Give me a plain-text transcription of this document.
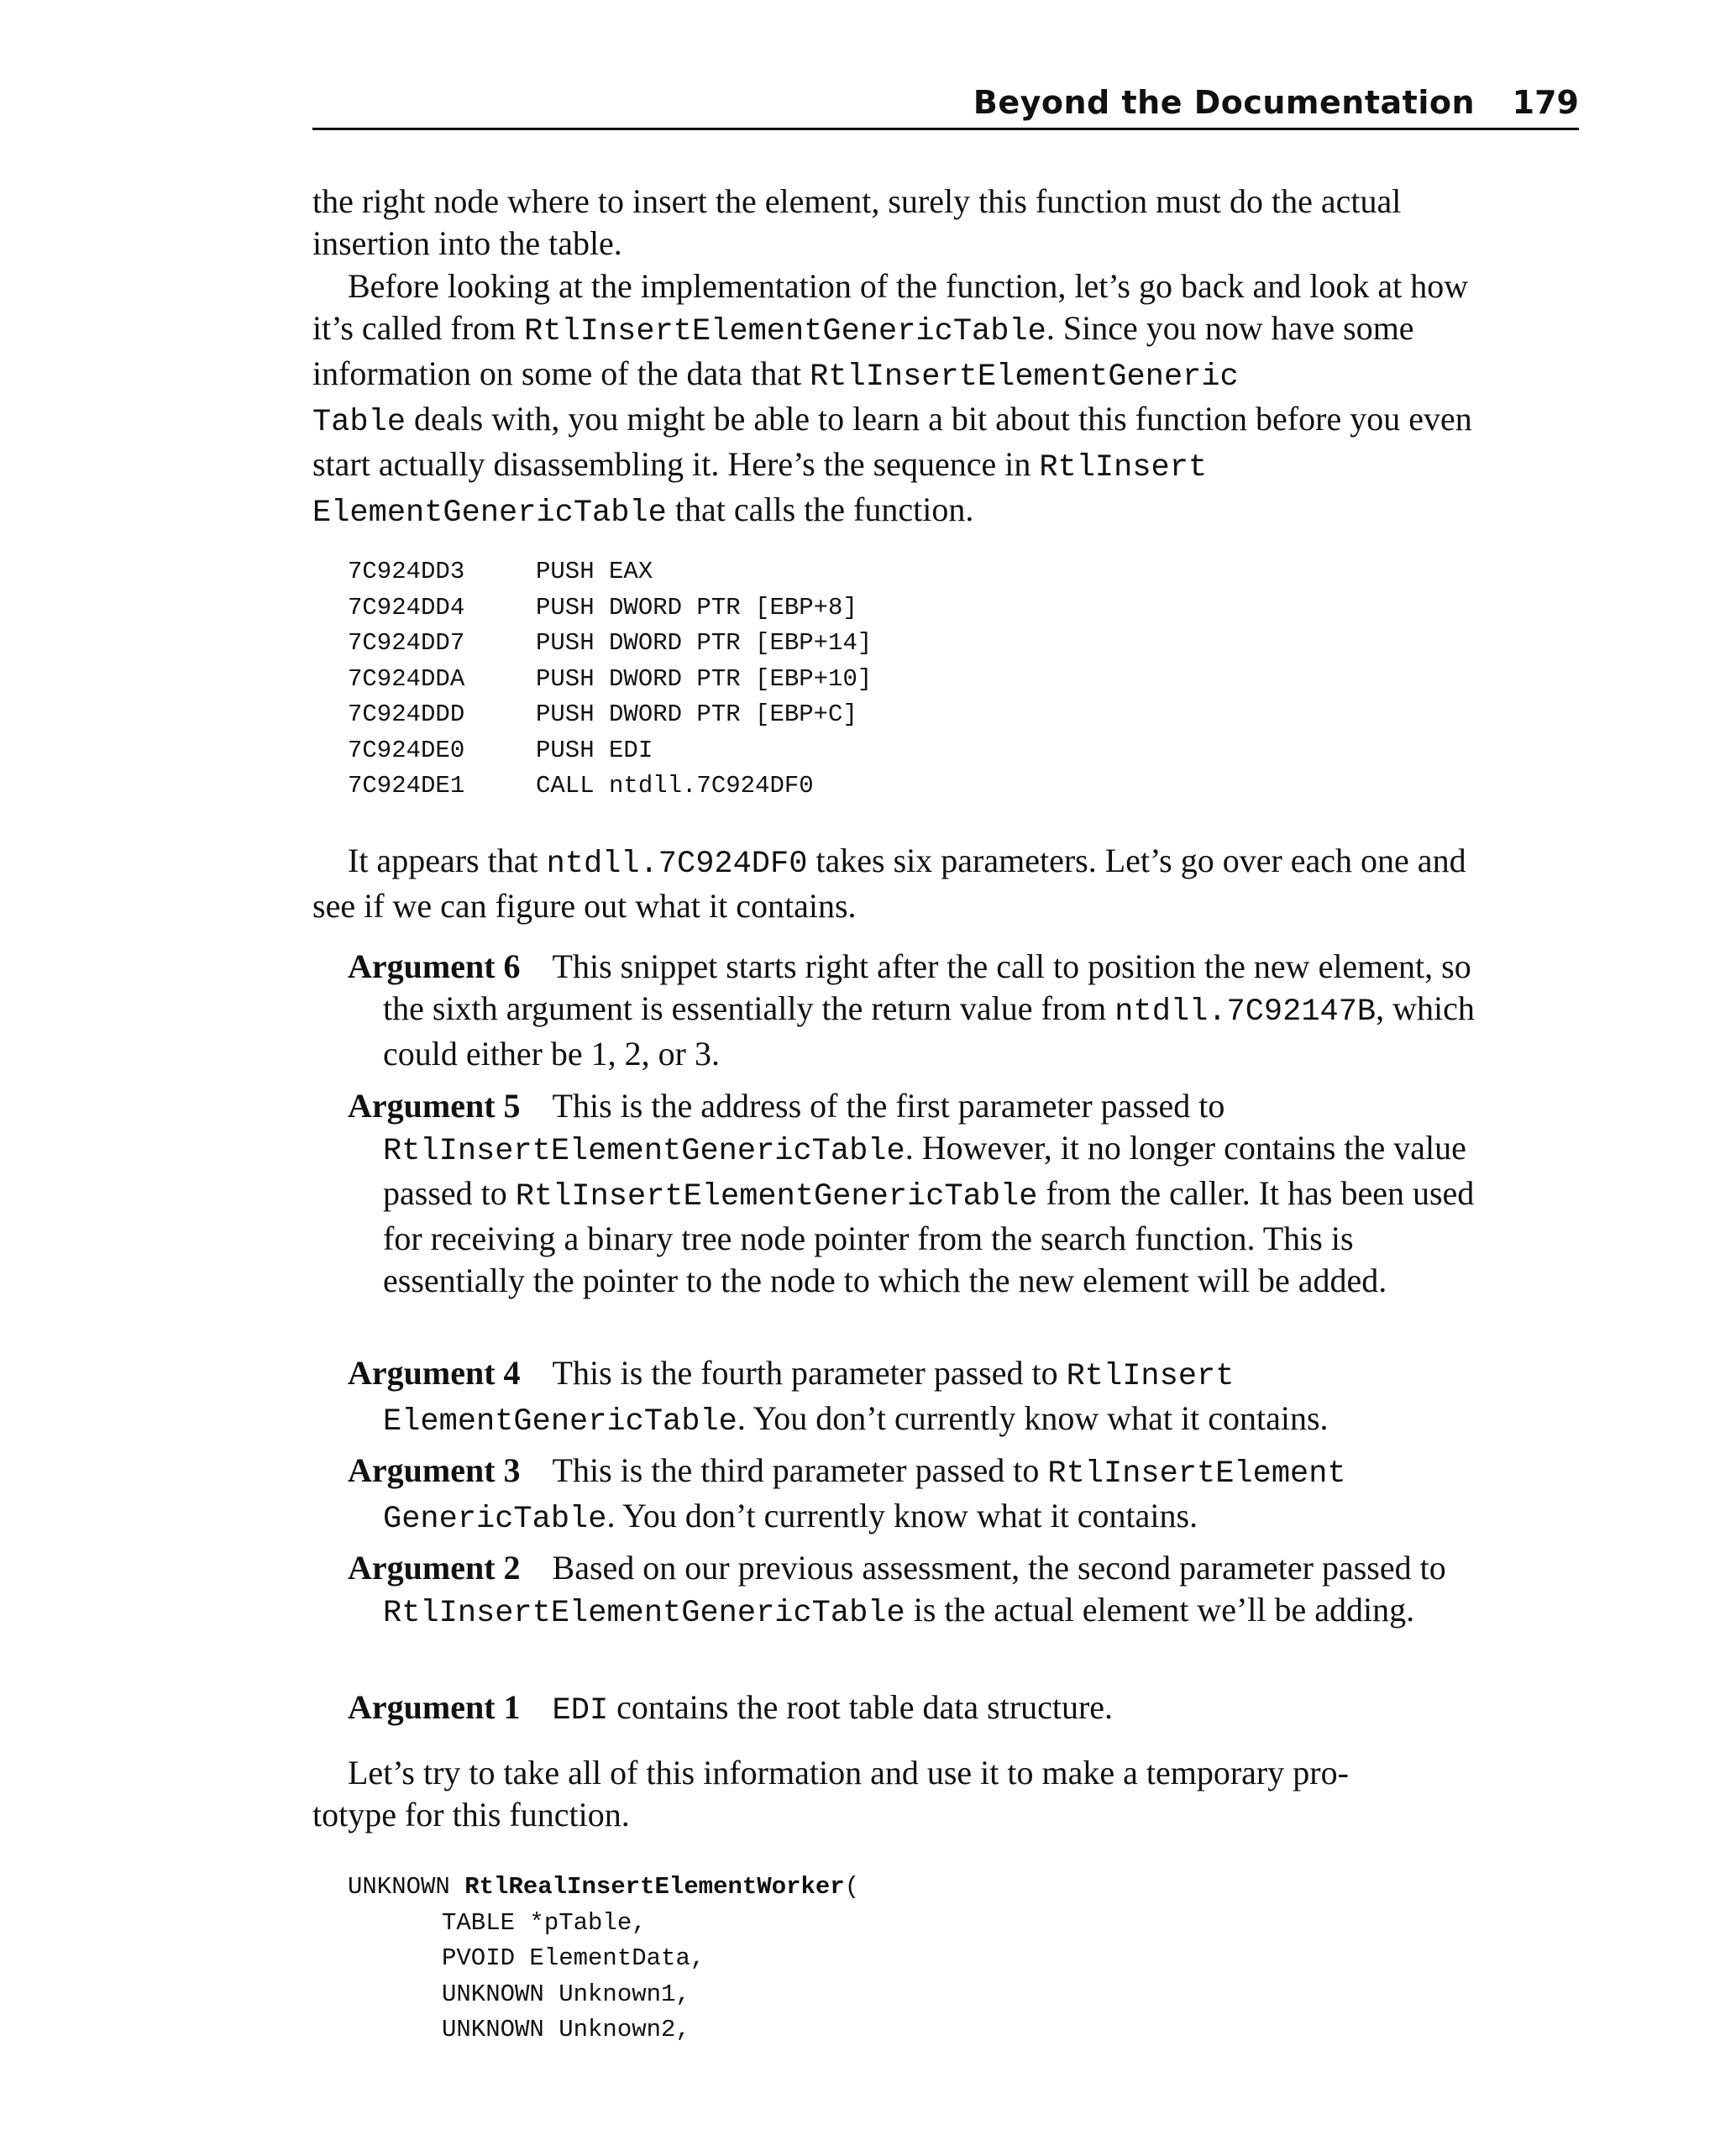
Beyond the Documentation 179
the right node where to insert the element, surely this function must do the actual insertion into the table.
Before looking at the implementation of the function, let’s go back and look at how it’s called from RtlInsertElementGenericTable. Since you now have some information on some of the data that RtlInsertElementGeneric
Table deals with, you might be able to learn a bit about this function before you even start actually disassembling it. Here’s the sequence in RtlInsert
ElementGenericTable that calls the function.
7C924DD3	PUSH EAX
7C924DD4	PUSH DWORD PTR [EBP+8]
7C924DD7	PUSH DWORD PTR [EBP+14]
7C924DDA	PUSH DWORD PTR [EBP+10]
7C924DDD	PUSH DWORD PTR [EBP+C]
7C924DE0	PUSH EDI
7C924DE1	CALL ntdll.7C924DF0
It appears that ntdll.7C924DF0 takes six parameters. Let’s go over each one and see if we can figure out what it contains.
Argument 6 This snippet starts right after the call to position the new element, so the sixth argument is essentially the return value from ntdll.7C92147B, which could either be 1, 2, or 3.
Argument 5 This is the address of the first parameter passed to
RtlInsertElementGenericTable. However, it no longer contains the value passed to RtlInsertElementGenericTable from the caller. It has been used for receiving a binary tree node pointer from the search function. This is essentially the pointer to the node to which the new element will be added.
Argument 4 This is the fourth parameter passed to RtlInsert
ElementGenericTable. You don’t currently know what it contains.
Argument 3 This is the third parameter passed to RtlInsertElement
GenericTable. You don’t currently know what it contains.
Argument 2 Based on our previous assessment, the second parameter passed to RtlInsertElementGenericTable is the actual element we’ll be adding.
Argument 1 EDI contains the root table data structure.
Let’s try to take all of this information and use it to make a temporary pro-
totype for this function.
UNKNOWN RtlRealInsertElementWorker(
TABLE *pTable,
PVOID ElementData,
UNKNOWN Unknown1,
UNKNOWN Unknown2,
